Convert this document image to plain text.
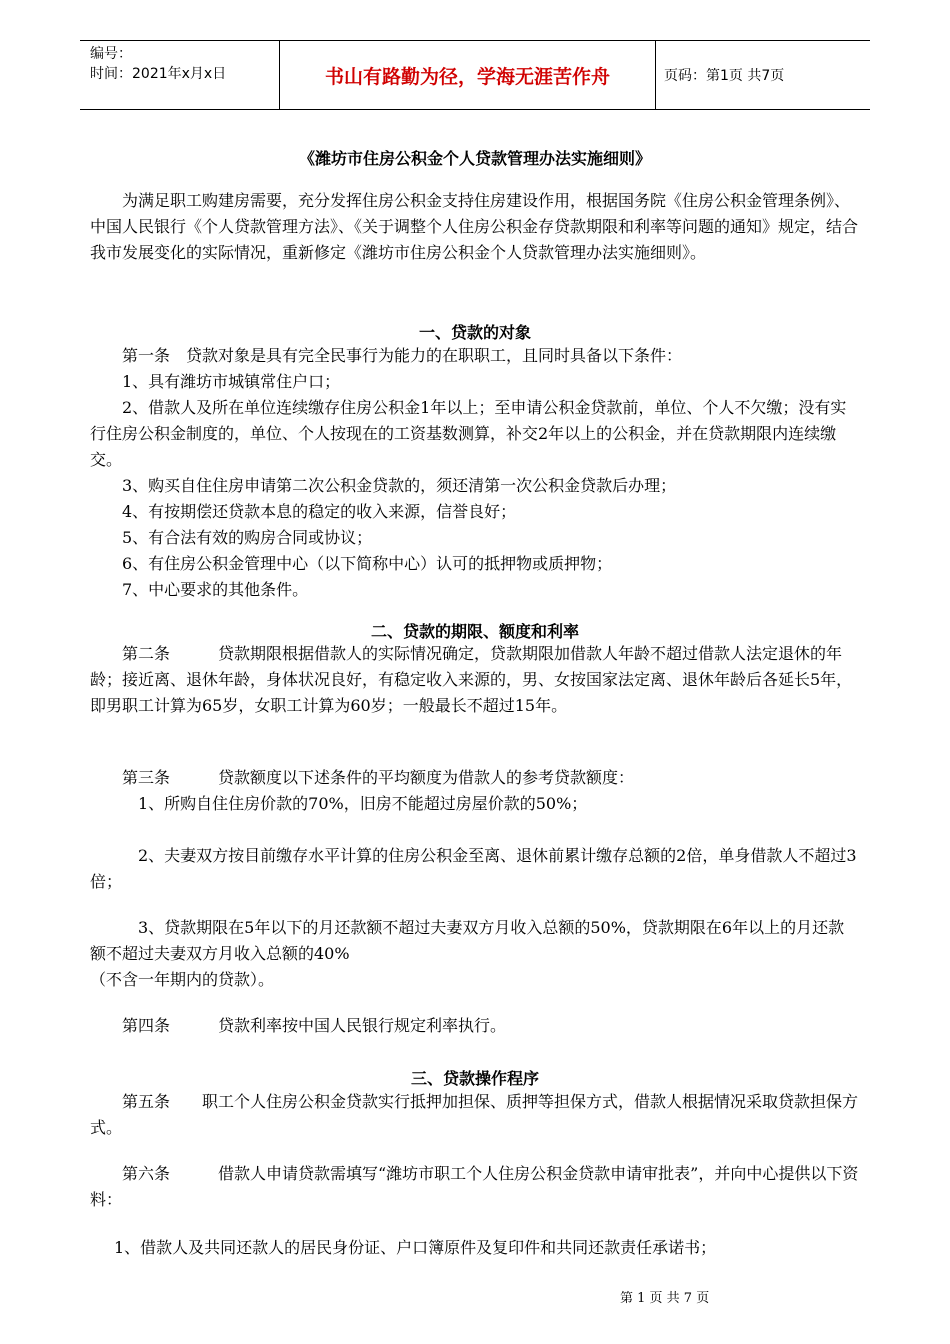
编号：
时间：2021年x月x日	书山有路勤为径，学海无涯苦作舟	页码：第1页 共7页
《潍坊市住房公积金个人贷款管理办法实施细则》

为满足职工购建房需要，充分发挥住房公积金支持住房建设作用，根据国务院《住房公积金管理条例》、中国人民银行《个人贷款管理方法》、《关于调整个人住房公积金存贷款期限和利率等问题的通知》规定，结合我市发展变化的实际情况，重新修定《潍坊市住房公积金个人贷款管理办法实施细则》。

一、贷款的对象

第一条　贷款对象是具有完全民事行为能力的在职职工，且同时具备以下条件：

1、具有潍坊市城镇常住户口；

2、借款人及所在单位连续缴存住房公积金1年以上；至申请公积金贷款前，单位、个人不欠缴；没有实行住房公积金制度的，单位、个人按现在的工资基数测算，补交2年以上的公积金，并在贷款期限内连续缴交。

3、购买自住住房申请第二次公积金贷款的，须还清第一次公积金贷款后办理；

4、有按期偿还贷款本息的稳定的收入来源，信誉良好；

5、有合法有效的购房合同或协议；

6、有住房公积金管理中心（以下简称中心）认可的抵押物或质押物；

7、中心要求的其他条件。

二、贷款的期限、额度和利率

第二条　　　贷款期限根据借款人的实际情况确定，贷款期限加借款人年龄不超过借款人法定退休的年龄；接近离、退休年龄，身体状况良好，有稳定收入来源的，男、女按国家法定离、退休年龄后各延长5年，即男职工计算为65岁，女职工计算为60岁；一般最长不超过15年。

第三条　　　贷款额度以下述条件的平均额度为借款人的参考贷款额度：

1、所购自住住房价款的70%，旧房不能超过房屋价款的50%；

2、夫妻双方按目前缴存水平计算的住房公积金至离、退休前累计缴存总额的2倍，单身借款人不超过3倍；

3、贷款期限在5年以下的月还款额不超过夫妻双方月收入总额的50%，贷款期限在6年以上的月还款额不超过夫妻双方月收入总额的40%

（不含一年期内的贷款）。

第四条　　　贷款利率按中国人民银行规定利率执行。

三、贷款操作程序

第五条　　职工个人住房公积金贷款实行抵押加担保、质押等担保方式，借款人根据情况采取贷款担保方式。

第六条　　　借款人申请贷款需填写“潍坊市职工个人住房公积金贷款申请审批表”，并向中心提供以下资料：

1、借款人及共同还款人的居民身份证、户口簿原件及复印件和共同还款责任承诺书；

第 1 页 共 7 页
